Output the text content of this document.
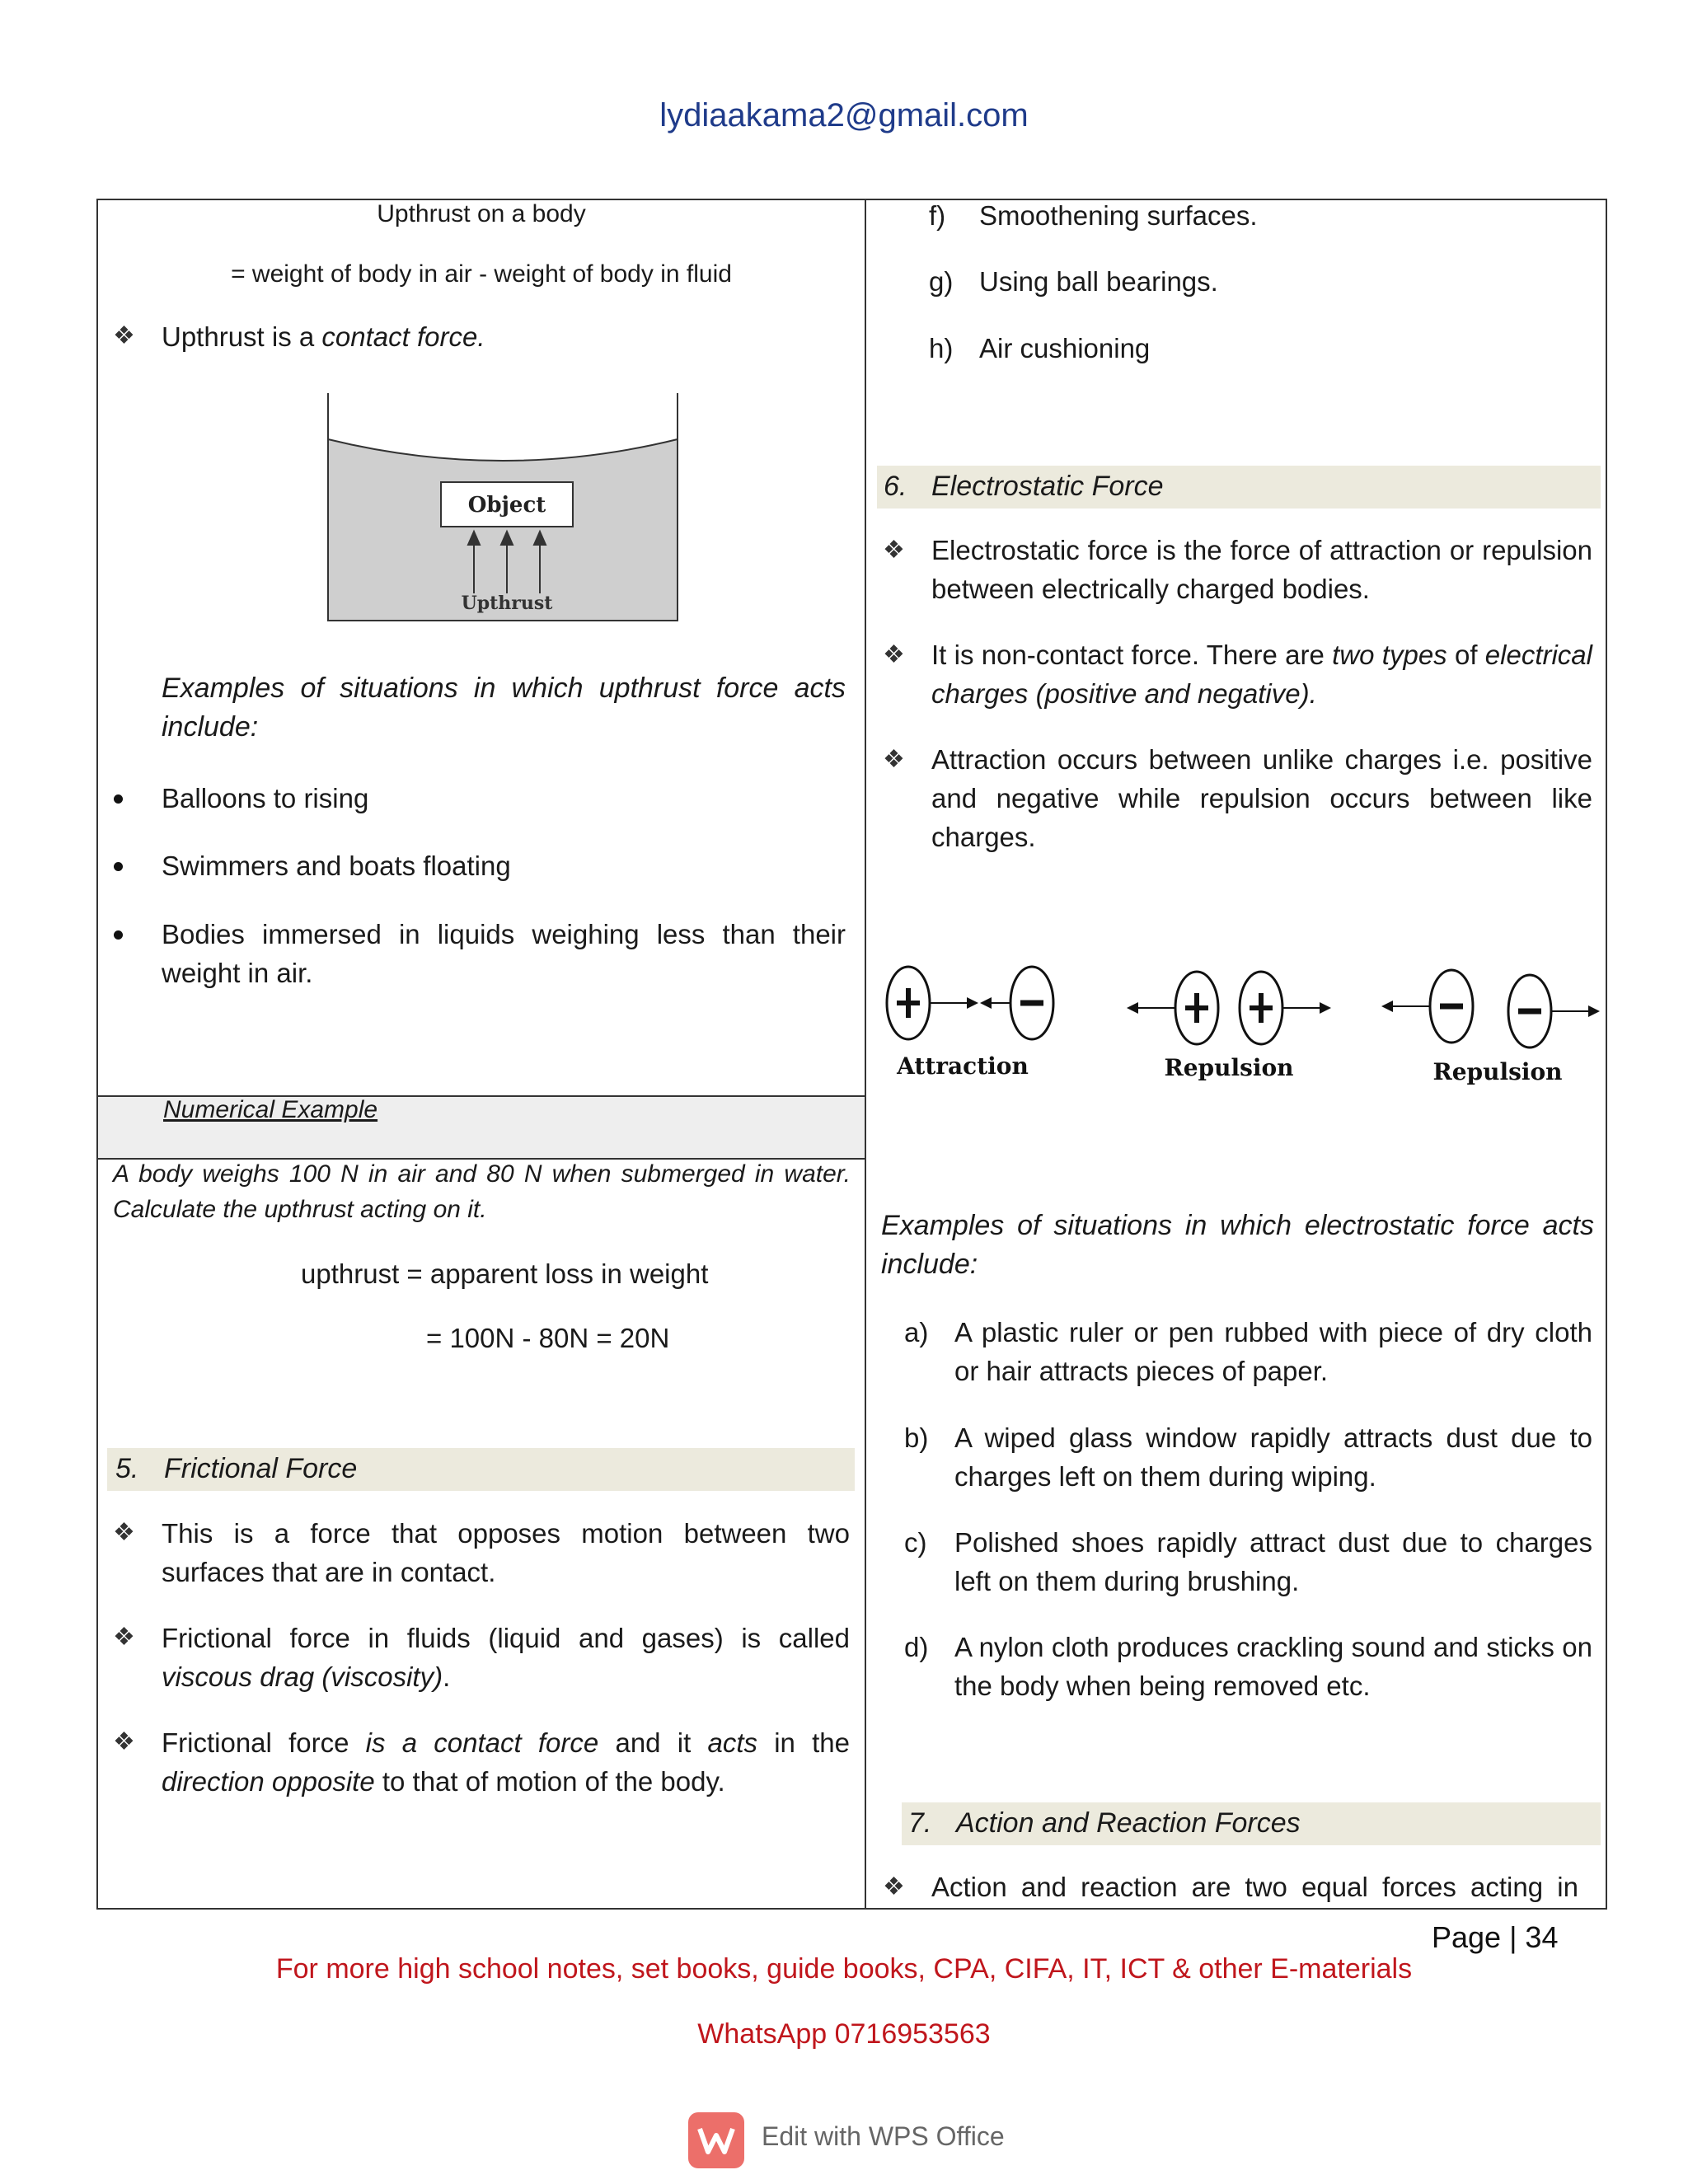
lydiaakama2@gmail.com
Upthrust on a body
= weight of body in air - weight of body in fluid
❖ Upthrust is a contact force.
Object
Upthrust
Examples of situations in which upthrust force acts include:
Balloons to rising
Swimmers and boats floating
Bodies immersed in liquids weighing less than their weight in air.
Numerical Example
A body weighs 100 N in air and 80 N when submerged in water. Calculate the upthrust acting on it.
upthrust = apparent loss in weight
= 100N - 80N = 20N
5. Frictional Force
❖ This is a force that opposes motion between two surfaces that are in contact.
❖ Frictional force in fluids (liquid and gases) is called viscous drag (viscosity).
❖ Frictional force is a contact force and it acts in the direction opposite to that of motion of the body.
f) Smoothening surfaces.
g) Using ball bearings.
h) Air cushioning
6. Electrostatic Force
❖ Electrostatic force is the force of attraction or repulsion between electrically charged bodies.
❖ It is non-contact force. There are two types of electrical charges (positive and negative).
❖ Attraction occurs between unlike charges i.e. positive and negative while repulsion occurs between like charges.
Attraction	Repulsion	Repulsion
Examples of situations in which electrostatic force acts include:
a) A plastic ruler or pen rubbed with piece of dry cloth or hair attracts pieces of paper.
b) A wiped glass window rapidly attracts dust due to charges left on them during wiping.
c) Polished shoes rapidly attract dust due to charges left on them during brushing.
d) A nylon cloth produces crackling sound and sticks on the body when being removed etc.
7. Action and Reaction Forces
❖ Action and reaction are two equal forces acting in
Page | 34
For more high school notes, set books, guide books, CPA, CIFA, IT, ICT & other E-materials
WhatsApp 0716953563
Edit with WPS Office
